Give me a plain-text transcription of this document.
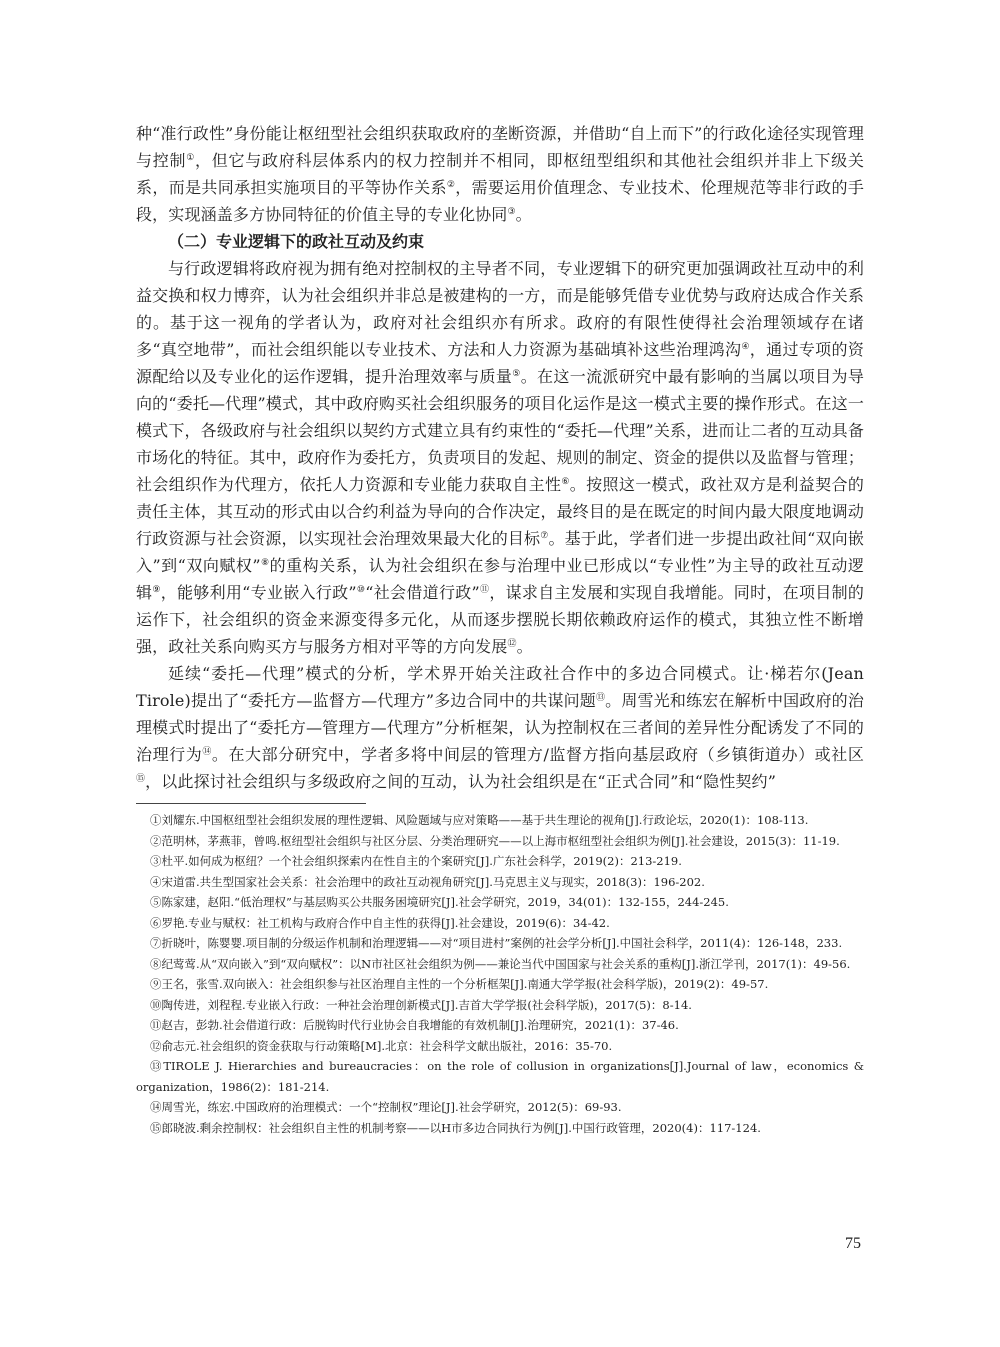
种“准行政性”身份能让枢纽型社会组织获取政府的垄断资源，并借助“自上而下”的行政化途径实现管理与控制①，但它与政府科层体系内的权力控制并不相同，即枢纽型组织和其他社会组织并非上下级关系，而是共同承担实施项目的平等协作关系②，需要运用价值理念、专业技术、伦理规范等非行政的手段，实现涵盖多方协同特征的价值主导的专业化协同③。

（二）专业逻辑下的政社互动及约束

与行政逻辑将政府视为拥有绝对控制权的主导者不同，专业逻辑下的研究更加强调政社互动中的利益交换和权力博弈，认为社会组织并非总是被建构的一方，而是能够凭借专业优势与政府达成合作关系的。基于这一视角的学者认为，政府对社会组织亦有所求。政府的有限性使得社会治理领域存在诸多“真空地带”，而社会组织能以专业技术、方法和人力资源为基础填补这些治理鸿沟④，通过专项的资源配给以及专业化的运作逻辑，提升治理效率与质量⑤。在这一流派研究中最有影响的当属以项目为导向的“委托—代理”模式，其中政府购买社会组织服务的项目化运作是这一模式主要的操作形式。在这一模式下，各级政府与社会组织以契约方式建立具有约束性的“委托—代理”关系，进而让二者的互动具备市场化的特征。其中，政府作为委托方，负责项目的发起、规则的制定、资金的提供以及监督与管理；社会组织作为代理方，依托人力资源和专业能力获取自主性⑥。按照这一模式，政社双方是利益契合的责任主体，其互动的形式由以合约利益为导向的合作决定，最终目的是在既定的时间内最大限度地调动行政资源与社会资源，以实现社会治理效果最大化的目标⑦。基于此，学者们进一步提出政社间“双向嵌入”到“双向赋权”⑧的重构关系，认为社会组织在参与治理中业已形成以“专业性”为主导的政社互动逻辑⑨，能够利用“专业嵌入行政”⑩“社会借道行政”⑪，谋求自主发展和实现自我增能。同时，在项目制的运作下，社会组织的资金来源变得多元化，从而逐步摆脱长期依赖政府运作的模式，其独立性不断增强，政社关系向购买方与服务方相对平等的方向发展⑫。

延续“委托—代理”模式的分析，学术界开始关注政社合作中的多边合同模式。让·梯若尔(Jean Tirole)提出了“委托方—监督方—代理方”多边合同中的共谋问题⑬。周雪光和练宏在解析中国政府的治理模式时提出了“委托方—管理方—代理方”分析框架，认为控制权在三者间的差异性分配诱发了不同的治理行为⑭。在大部分研究中，学者多将中间层的管理方/监督方指向基层政府（乡镇街道办）或社区⑮，以此探讨社会组织与多级政府之间的互动，认为社会组织是在“正式合同”和“隐性契约”

①刘耀东.中国枢纽型社会组织发展的理性逻辑、风险题域与应对策略——基于共生理论的视角[J].行政论坛，2020(1)：108-113.

②范明林，茅燕菲，曾鸣.枢纽型社会组织与社区分层、分类治理研究——以上海市枢纽型社会组织为例[J].社会建设，2015(3)：11-19.

③杜平.如何成为枢纽？一个社会组织探索内在性自主的个案研究[J].广东社会科学，2019(2)：213-219.

④宋道雷.共生型国家社会关系：社会治理中的政社互动视角研究[J].马克思主义与现实，2018(3)：196-202.

⑤陈家建，赵阳.“低治理权”与基层购买公共服务困境研究[J].社会学研究，2019，34(01)：132-155，244-245.

⑥罗艳.专业与赋权：社工机构与政府合作中自主性的获得[J].社会建设，2019(6)：34-42.

⑦折晓叶，陈婴婴.项目制的分级运作机制和治理逻辑——对“项目进村”案例的社会学分析[J].中国社会科学，2011(4)：126-148，233.

⑧纪莺莺.从“双向嵌入”到“双向赋权”：以N市社区社会组织为例——兼论当代中国国家与社会关系的重构[J].浙江学刊，2017(1)：49-56.

⑨王名，张雪.双向嵌入：社会组织参与社区治理自主性的一个分析框架[J].南通大学学报(社会科学版)，2019(2)：49-57.

⑩陶传进，刘程程.专业嵌入行政：一种社会治理创新模式[J].吉首大学学报(社会科学版)，2017(5)：8-14.

⑪赵吉，彭勃.社会借道行政：后脱钩时代行业协会自我增能的有效机制[J].治理研究，2021(1)：37-46.

⑫俞志元.社会组织的资金获取与行动策略[M].北京：社会科学文献出版社，2016：35-70.

⑬TIROLE J. Hierarchies and bureaucracies：on the role of collusion in organizations[J].Journal of law，economics & organization，1986(2)：181-214.

⑭周雪光，练宏.中国政府的治理模式：一个“控制权”理论[J].社会学研究，2012(5)：69-93.

⑮郎晓波.剩余控制权：社会组织自主性的机制考察——以H市多边合同执行为例[J].中国行政管理，2020(4)：117-124.

75
